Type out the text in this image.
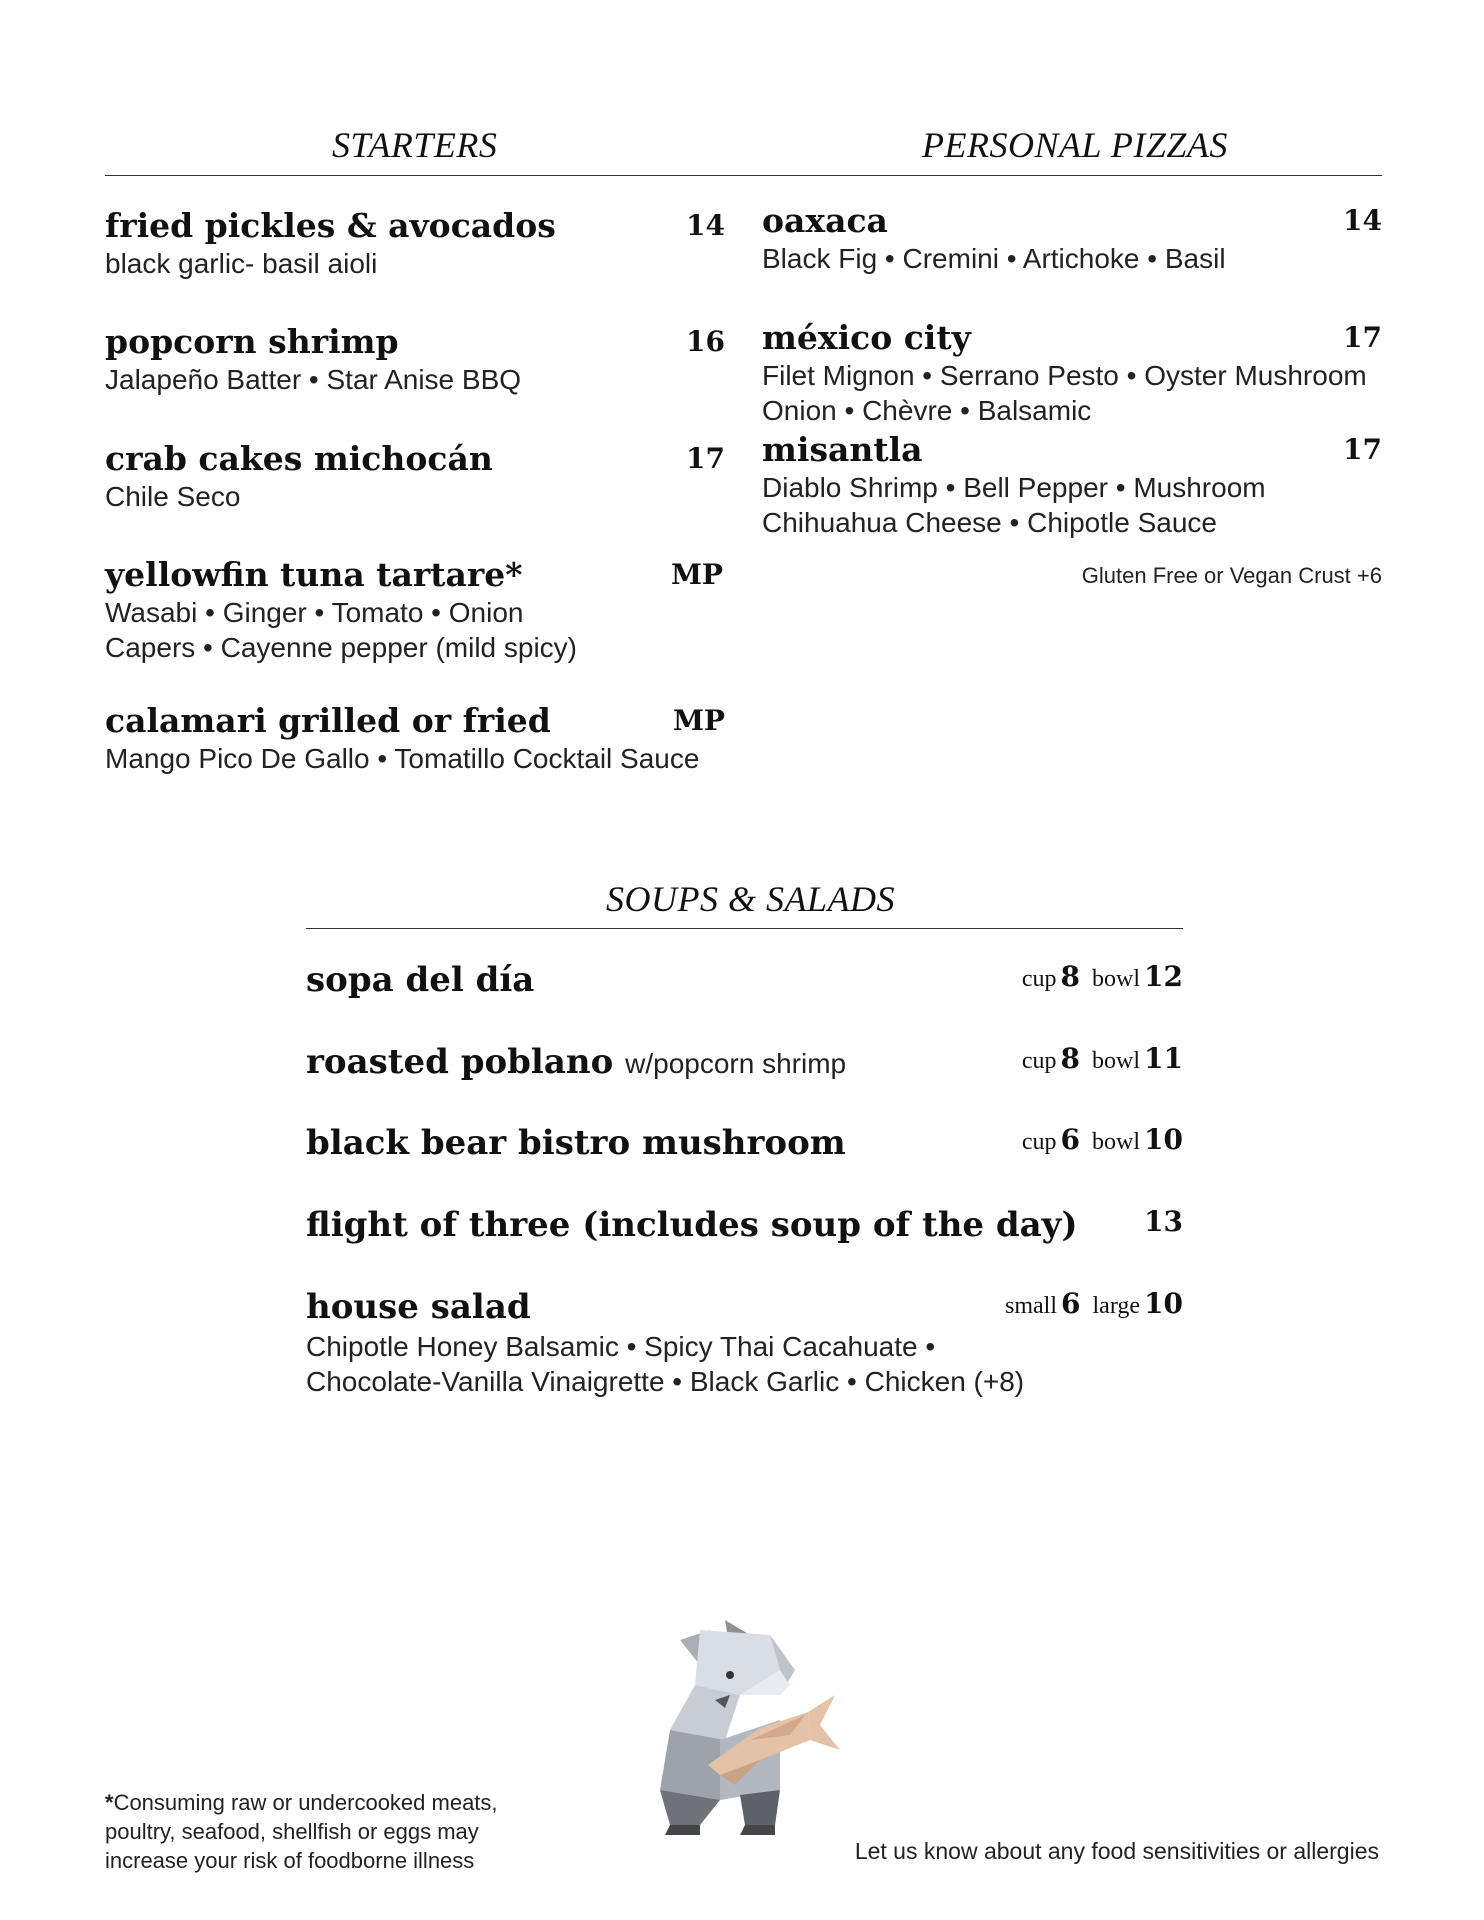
STARTERS	PERSONAL PIZZAS
fried pickles & avocados	14
black garlic- basil aioli
popcorn shrimp	16
Jalapeño Batter • Star Anise BBQ
crab cakes michocán	17
Chile Seco
yellowfin tuna tartare*	MP
Wasabi • Ginger • Tomato • Onion
Capers • Cayenne pepper (mild spicy)
calamari grilled or fried	MP
Mango Pico De Gallo • Tomatillo Cocktail Sauce
oaxaca	14
Black Fig • Cremini • Artichoke • Basil
méxico city	17
Filet Mignon • Serrano Pesto • Oyster Mushroom
Onion • Chèvre • Balsamic
misantla	17
Diablo Shrimp • Bell Pepper • Mushroom
Chihuahua Cheese • Chipotle Sauce
Gluten Free or Vegan Crust +6
SOUPS & SALADS
sopa del día	cup 8 bowl 12
roasted poblano w/popcorn shrimp	cup 8 bowl 11
black bear bistro mushroom	cup 6 bowl 10
flight of three (includes soup of the day)	13
house salad	small 6 large 10
Chipotle Honey Balsamic • Spicy Thai Cacahuate •
Chocolate-Vanilla Vinaigrette • Black Garlic • Chicken (+8)
*Consuming raw or undercooked meats,
poultry, seafood, shellfish or eggs may
increase your risk of foodborne illness	Let us know about any food sensitivities or allergies
